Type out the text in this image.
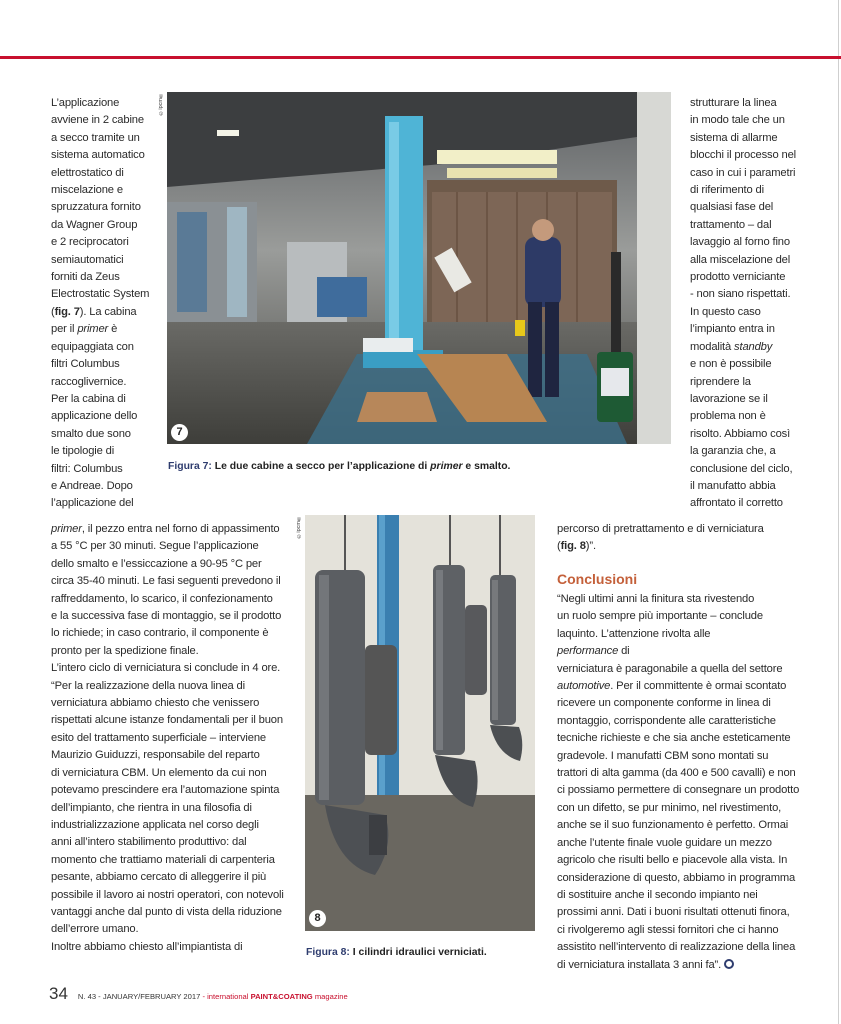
L’applicazione

avviene in 2 cabine

a secco tramite un

sistema automatico

elettrostatico di

miscelazione e

spruzzatura fornito

da Wagner Group

e 2 reciprocatori

semiautomatici

forniti da Zeus

Electrostatic System

(fig. 7). La cabina

per il primer è

equipaggiata con

filtri Columbus

raccoglivernice.

Per la cabina di

applicazione dello

smalto due sono

le tipologie di

filtri: Columbus

e Andreae. Dopo

l’applicazione del

primer, il pezzo entra nel forno di appassimento

a 55 °C per 30 minuti. Segue l’applicazione

dello smalto e l’essiccazione a 90-95 °C per

circa 35-40 minuti. Le fasi seguenti prevedono il

raffreddamento, lo scarico, il confezionamento

e la successiva fase di montaggio, se il prodotto

lo richiede; in caso contrario, il componente è

pronto per la spedizione finale.

L’intero ciclo di verniciatura si conclude in 4 ore.

“Per la realizzazione della nuova linea di

verniciatura abbiamo chiesto che venissero

rispettati alcune istanze fondamentali per il buon

esito del trattamento superficiale – interviene

Maurizio Guiduzzi, responsabile del reparto

di verniciatura CBM. Un elemento da cui non

potevamo prescindere era l’automazione spinta

dell’impianto, che rientra in una filosofia di

industrializzazione applicata nel corso degli

anni all’intero stabilimento produttivo: dal

momento che trattiamo materiali di carpenteria

pesante, abbiamo cercato di alleggerire il più

possibile il lavoro ai nostri operatori, con notevoli

vantaggi anche dal punto di vista della riduzione

dell’errore umano.

Inoltre abbiamo chiesto all’impiantista di

strutturare la linea

in modo tale che un

sistema di allarme

blocchi il processo nel

caso in cui i parametri

di riferimento di

qualsiasi fase del

trattamento – dal

lavaggio al forno fino

alla miscelazione del

prodotto verniciante

- non siano rispettati.

In questo caso

l’impianto entra in

modalità standby

e non è possibile

riprendere la

lavorazione se il

problema non è

risolto. Abbiamo così

la garanzia che, a

conclusione del ciclo,

il manufatto abbia

affrontato il corretto

percorso di pretrattamento e di verniciatura

(fig. 8)”.

Conclusioni

“Negli ultimi anni la finitura sta rivestendo

un ruolo sempre più importante – conclude

laquinto. L’attenzione rivolta alle

performance di

verniciatura è paragonabile a quella del settore

automotive. Per il committente è ormai scontato

ricevere un componente conforme in linea di

montaggio, corrispondente alle caratteristiche

tecniche richieste e che sia anche esteticamente

gradevole. I manufatti CBM sono montati su

trattori di alta gamma (da 400 e 500 cavalli) e non

ci possiamo permettere di consegnare un prodotto

con un difetto, se pur minimo, nel rivestimento,

anche se il suo funzionamento è perfetto. Ormai

anche l’utente finale vuole guidare un mezzo

agricolo che risulti bello e piacevole alla vista. In

considerazione di questo, abbiamo in programma

di sostituire anche il secondo impianto nei

prossimi anni. Dati i buoni risultati ottenuti finora,

ci rivolgeremo agli stessi fornitori che ci hanno

assistito nell’intervento di realizzazione della linea

di verniciatura installata 3 anni fa”.

7
©ipcm®
Figura 7: Le due cabine a secco per l’applicazione di primer e smalto.
8
©ipcm®
Figura 8: I cilindri idraulici verniciati.
34 N. 43 - JANUARY/FEBRUARY 2017 - international PAINT&COATING magazine
